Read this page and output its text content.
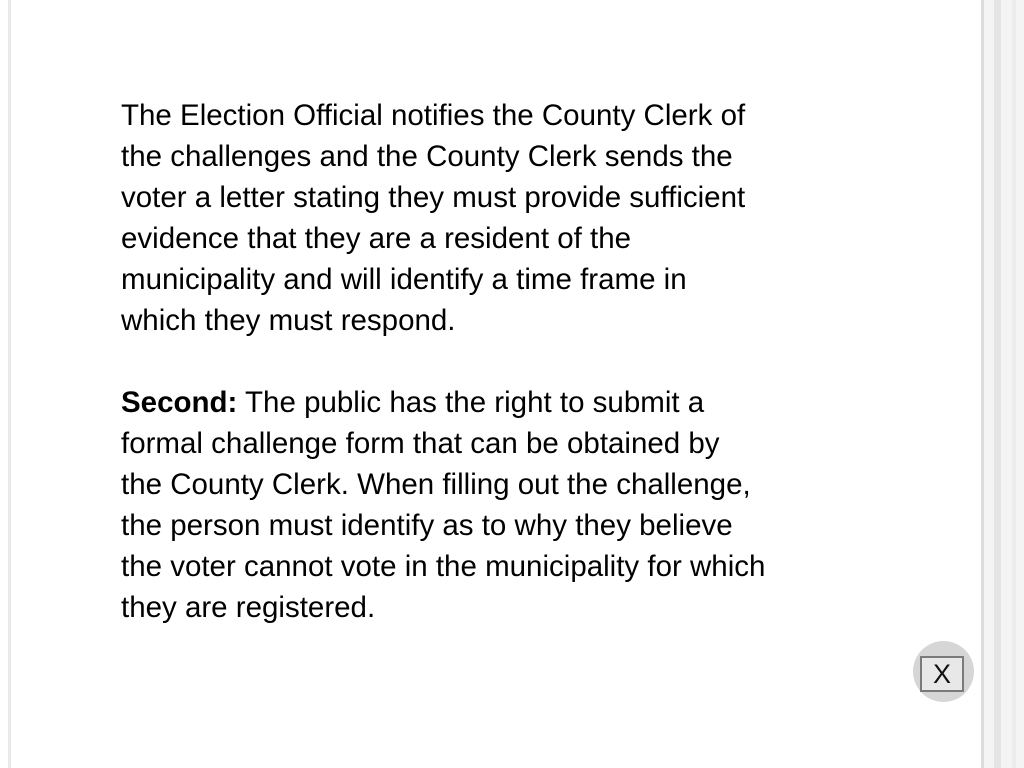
The Election Official notifies the County Clerk of
the challenges and the County Clerk sends the
voter a letter stating they must provide sufficient
evidence that they are a resident of the
municipality and will identify a time frame in
which they must respond.

Second: The public has the right to submit a
formal challenge form that can be obtained by
the County Clerk. When filling out the challenge,
the person must identify as to why they believe
the voter cannot vote in the municipality for which
they are registered.

X
